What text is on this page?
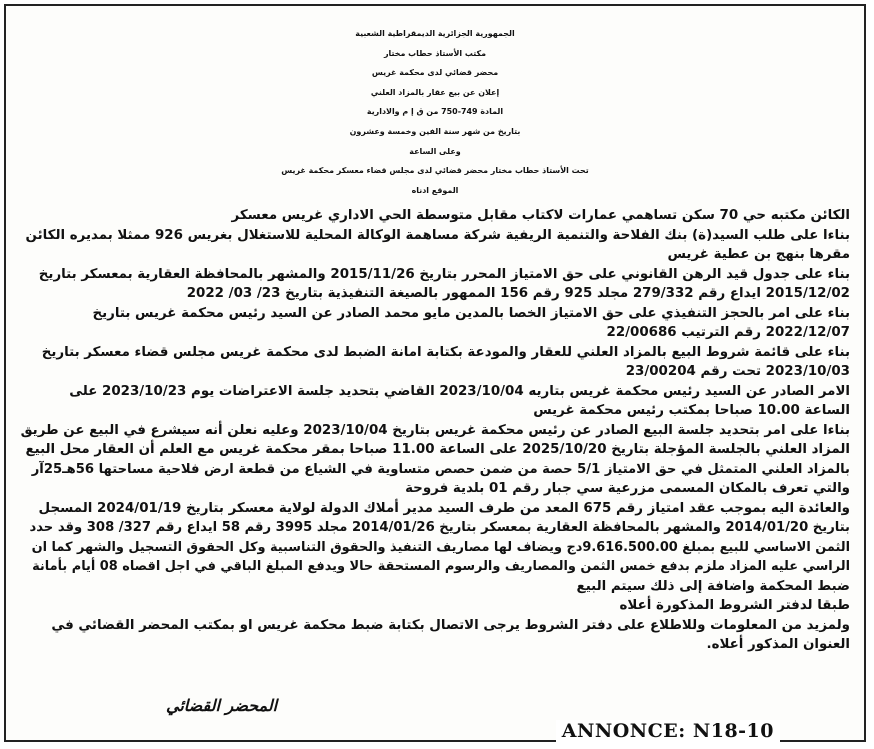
الجمهورية الجزائرية الديمقراطية الشعبية
مكتب الأستاذ حطاب مختار
محضر قضائي لدى محكمة غريس
إعلان عن بيع عقار بالمزاد العلني
المادة 749-750 من ق إ م والادارية
بتاريخ من شهر سنة الفين وخمسة وعشرون
وعلى الساعة
تحت الأستاذ حطاب مختار محضر قضائي لدى مجلس قضاء معسكر محكمة غريس
الموقع ادناه

الكائن مكتبه حي 70 سكن تساهمي عمارات لاكتاب مقابل متوسطة الحي الاداري غريس معسكر

بناءا على طلب السيد(ة) بنك الفلاحة والتنمية الريفية شركة مساهمة الوكالة المحلية للاستغلال بغريس 926 ممثلا بمديره الكائن
مقرها بنهج بن عطية غريس

بناء على جدول قيد الرهن القانوني على حق الامتياز المحرر بتاريخ 2015/11/26 والمشهر بالمحافظة العقارية بمعسكر بتاريخ
2015/12/02 ايداع رقم 279/332 مجلد 925 رقم 156 الممهور بالصيغة التنفيذية بتاريخ 23/ 03/ 2022

بناء على امر بالحجز التنفيذي على حق الامتياز الخصا بالمدين مايو محمد الصادر عن السيد رئيس محكمة غريس بتاريخ
2022/12/07 رقم الترتيب 22/00686

بناء على قائمة شروط البيع بالمزاد العلني للعقار والمودعة بكتابة امانة الضبط لدى محكمة غريس مجلس قضاء معسكر بتاريخ
2023/10/03 تحت رقم 23/00204

الامر الصادر عن السيد رئيس محكمة غريس بتاريه 2023/10/04 القاضي بتحديد جلسة الاعتراضات يوم 2023/10/23 على
الساعة 10.00 صباحا بمكتب رئيس محكمة غريس

بناءا على امر بتحديد جلسة البيع الصادر عن رئيس محكمة غريس بتاريخ 2023/10/04 وعليه نعلن أنه سيشرع في البيع عن طريق
المزاد العلني بالجلسة المؤجلة بتاريخ 2025/10/20 على الساعة 11.00 صباحا بمقر محكمة غريس مع العلم أن العقار محل البيع
بالمزاد العلني المتمثل في حق الامتياز 5/1 حصة من ضمن حصص متساوية في الشياع من قطعة ارض فلاحية مساحتها 56هـ25آر
والتي تعرف بالمكان المسمى مزرعية سي جبار رقم 01 بلدية فروحة

والعائدة اليه بموجب عقد امتياز رقم 675 المعد من طرف السيد مدير أملاك الدولة لولاية معسكر بتاريخ 2024/01/19 المسجل
بتاريخ 2014/01/20 والمشهر بالمحافظة العقارية بمعسكر بتاريخ 2014/01/26 مجلد 3995 رقم 58 ايداع رقم 327/ 308 وقد حدد
الثمن الاساسي للبيع بمبلغ 9.616.500.00دج ويضاف لها مصاريف التنفيذ والحقوق التناسبية وكل الحقوق التسجيل والشهر كما ان
الراسي عليه المزاد ملزم بدفع خمس الثمن والمصاريف والرسوم المستحقة حالا ويدفع المبلغ الباقي في اجل اقصاه 08 أيام بأمانة
ضبط المحكمة واضافة إلى ذلك سيتم البيع

طبقا لدفتر الشروط المذكورة أعلاه

ولمزيد من المعلومات وللاطلاع على دفتر الشروط يرجى الاتصال بكتابة ضبط محكمة غريس او بمكتب المحضر القضائي في
العنوان المذكور أعلاه.

المحضر القضائي
ANNONCE: N18-10
